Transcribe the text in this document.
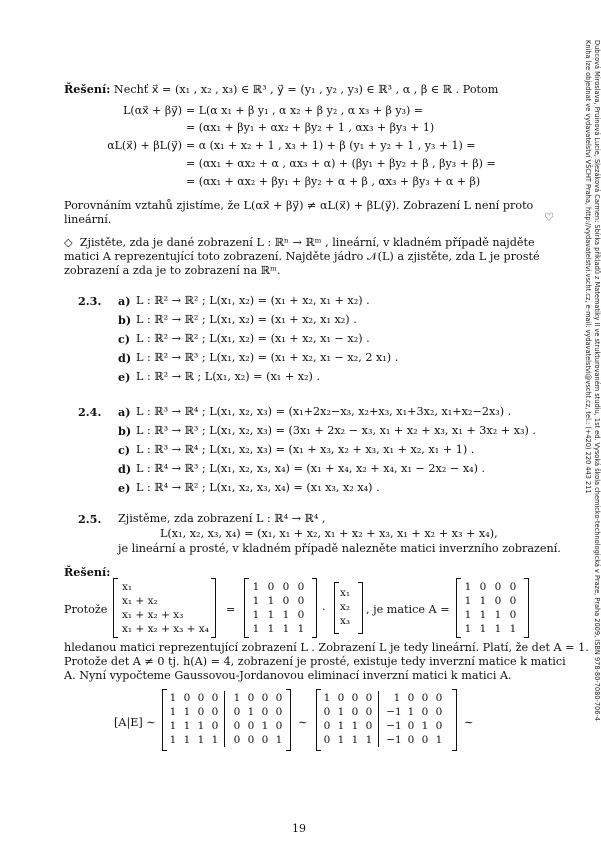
Dubcová Miroslava, Pruinová Lucie, Slezáková Carmen: Sbírka příkladů z Matematiky II ve strukturovaném studiu, 1st ed. Vysoká škola chemicko-technologická v Praze, Praha 2009, ISBN 978-80-7080-706-4
Kniha lze objednat ve vydavatelství VŠCHT Praha, http://vydavatelstvi.vscht.cz, e-mail: vydavatelstvi@vscht.cz, tel.: (+420) 220 443 211
Řešení: Nechť x⃗ = (x₁ , x₂ , x₃) ∈ ℝ³ , y⃗ = (y₁ , y₂ , y₃) ∈ ℝ³ , α , β ∈ ℝ . Potom
L(αx⃗ + βy⃗) = L(α x₁ + β y₁ , α x₂ + β y₂ , α x₃ + β y₃) =
= (αx₁ + βy₁ + αx₂ + βy₂ + 1 , αx₃ + βy₃ + 1)
αL(x⃗) + βL(y⃗) = α (x₁ + x₂ + 1 , x₃ + 1) + β (y₁ + y₂ + 1 , y₃ + 1) =
= (αx₁ + αx₂ + α , αx₃ + α) + (βy₁ + βy₂ + β , βy₃ + β) =
= (αx₁ + αx₂ + βy₁ + βy₂ + α + β , αx₃ + βy₃ + α + β)
Porovnáním vztahů zjistíme, že L(αx⃗ + βy⃗) ≠ αL(x⃗) + βL(y⃗). Zobrazení L není proto
lineární.	♡
◇ Zjistěte, zda je dané zobrazení L : ℝⁿ → ℝᵐ , lineární, v kladném případě najděte
matici A reprezentující toto zobrazení. Najděte jádro 𝒩(L) a zjistěte, zda L je prosté
zobrazení a zda je to zobrazení na ℝᵐ.
2.3. a) L : ℝ² → ℝ² ; L(x₁, x₂) = (x₁ + x₂, x₁ + x₂) .
b) L : ℝ² → ℝ² ; L(x₁, x₂) = (x₁ + x₂, x₁ x₂) .
c) L : ℝ² → ℝ² ; L(x₁, x₂) = (x₁ + x₂, x₁ − x₂) .
d) L : ℝ² → ℝ³ ; L(x₁, x₂) = (x₁ + x₂, x₁ − x₂, 2 x₁) .
e) L : ℝ² → ℝ ; L(x₁, x₂) = (x₁ + x₂) .
2.4. a) L : ℝ³ → ℝ⁴ ; L(x₁, x₂, x₃) = (x₁+2x₂−x₃, x₂+x₃, x₁+3x₂, x₁+x₂−2x₃) .
b) L : ℝ³ → ℝ³ ; L(x₁, x₂, x₃) = (3x₁ + 2x₂ − x₃, x₁ + x₂ + x₃, x₁ + 3x₂ + x₃) .
c) L : ℝ³ → ℝ⁴ ; L(x₁, x₂, x₃) = (x₁ + x₃, x₂ + x₃, x₁ + x₂, x₁ + 1) .
d) L : ℝ⁴ → ℝ³ ; L(x₁, x₂, x₃, x₄) = (x₁ + x₄, x₂ + x₄, x₁ − 2x₂ − x₄) .
e) L : ℝ⁴ → ℝ² ; L(x₁, x₂, x₃, x₄) = (x₁ x₃, x₂ x₄) .
2.5. Zjistěme, zda zobrazení L : ℝ⁴ → ℝ⁴ ,
L(x₁, x₂, x₃, x₄) = (x₁, x₁ + x₂, x₁ + x₂ + x₃, x₁ + x₂ + x₃ + x₄),
je lineární a prosté, v kladném případě nalezněte matici inverzního zobrazení.
Řešení:
Protože
x₁
x₁ + x₂
x₁ + x₂ + x₃
x₁ + x₂ + x₃ + x₄
=
1 0 0 0
1 1 0 0
1 1 1 0
1 1 1 1
·
x₁
x₂
x₃
, je matice A =
1 0 0 0
1 1 0 0
1 1 1 0
1 1 1 1
hledanou matici reprezentující zobrazení L . Zobrazení L je tedy lineární. Platí, že det A = 1.
Protože det A ≠ 0 tj. h(A) = 4, zobrazení je prosté, existuje tedy inverzní matice k matici
A. Nyní vypočteme Gaussovou-Jordanovou eliminací inverzní matici k matici A.
[A|E] ∼
1 0 0 0 1 0 0 0
1 1 0 0 0 1 0 0
1 1 1 0 0 0 1 0
1 1 1 1 0 0 0 1
∼
1 0 0 0 1 0 0 0
0 1 0 0 −1 1 0 0
0 1 1 0 −1 0 1 0
0 1 1 1 −1 0 0 1
∼
19
